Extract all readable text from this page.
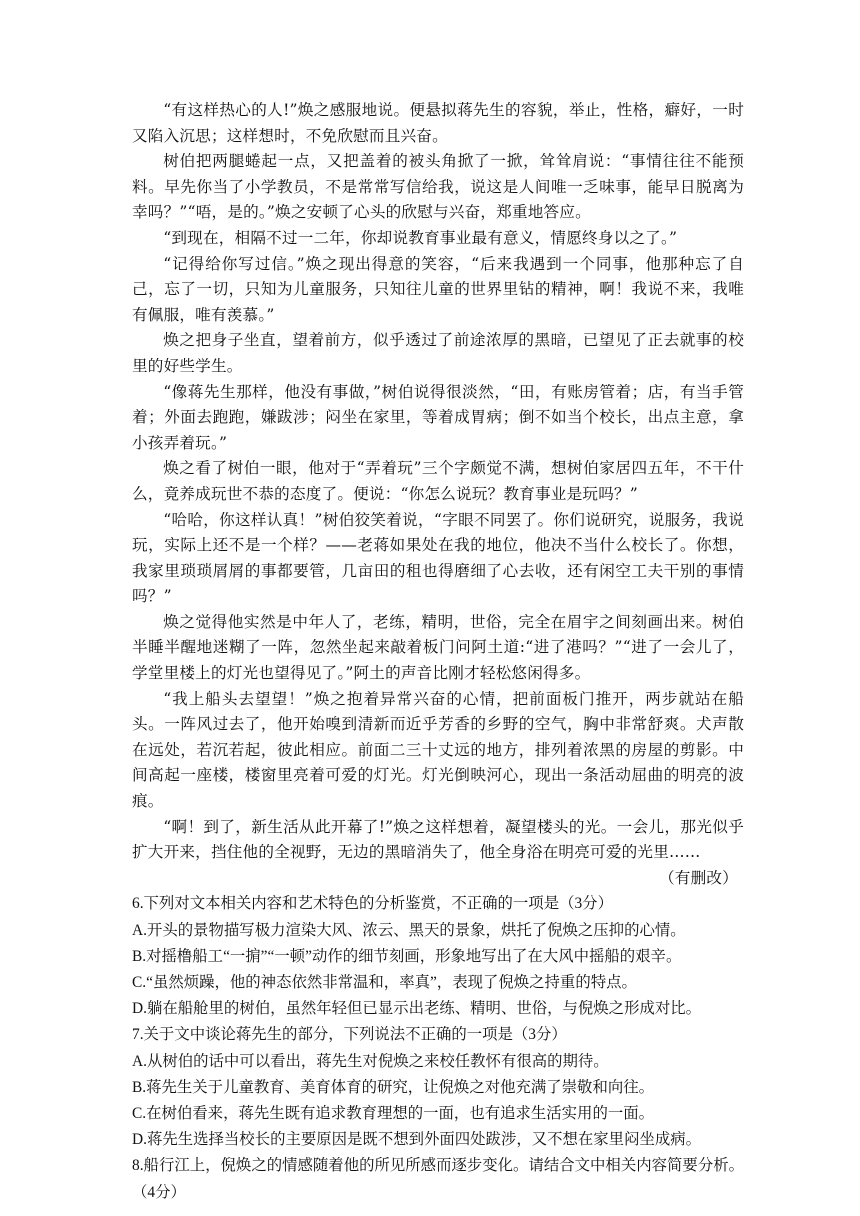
“有这样热心的人!”焕之感服地说。便悬拟蒋先生的容貌，举止，性格，癖好，一时又陷入沉思；这样想时，不免欣慰而且兴奋。

树伯把两腿蜷起一点，又把盖着的被头角掀了一掀，耸耸肩说：“事情往往不能预料。早先你当了小学教员，不是常常写信给我，说这是人间唯一乏味事，能早日脱离为幸吗？”“唔，是的。”焕之安顿了心头的欣慰与兴奋，郑重地答应。

“到现在，相隔不过一二年，你却说教育事业最有意义，情愿终身以之了。”

“记得给你写过信。”焕之现出得意的笑容，“后来我遇到一个同事，他那种忘了自己，忘了一切，只知为儿童服务，只知往儿童的世界里钻的精神，啊！我说不来，我唯有佩服，唯有羡慕。”

焕之把身子坐直，望着前方，似乎透过了前途浓厚的黑暗，已望见了正去就事的校里的好些学生。

“像蒋先生那样，他没有事做，”树伯说得很淡然，“田，有账房管着；店，有当手管着；外面去跑跑，嫌跋涉；闷坐在家里，等着成胃病；倒不如当个校长，出点主意，拿小孩弄着玩。”

焕之看了树伯一眼，他对于“弄着玩”三个字颇觉不满，想树伯家居四五年，不干什么，竟养成玩世不恭的态度了。便说：“你怎么说玩？教育事业是玩吗？”

“哈哈，你这样认真！”树伯狡笑着说，“字眼不同罢了。你们说研究，说服务，我说玩，实际上还不是一个样？——老蒋如果处在我的地位，他决不当什么校长了。你想，我家里琐琐屑屑的事都要管，几亩田的租也得磨细了心去收，还有闲空工夫干别的事情吗？”

焕之觉得他实然是中年人了，老练，精明，世俗，完全在眉宇之间刻画出来。树伯半睡半醒地迷糊了一阵，忽然坐起来敲着板门问阿土道:“进了港吗？”“进了一会儿了，学堂里楼上的灯光也望得见了。”阿土的声音比刚才轻松悠闲得多。

“我上船头去望望！”焕之抱着异常兴奋的心情，把前面板门推开，两步就站在船头。一阵风过去了，他开始嗅到清新而近乎芳香的乡野的空气，胸中非常舒爽。犬声散在远处，若沉若起，彼此相应。前面二三十丈远的地方，排列着浓黑的房屋的剪影。中间高起一座楼，楼窗里亮着可爱的灯光。灯光倒映河心，现出一条活动屈曲的明亮的波痕。

“啊！到了，新生活从此开幕了!”焕之这样想着，凝望楼头的光。一会儿，那光似乎扩大开来，挡住他的全视野，无边的黑暗消失了，他全身浴在明亮可爱的光里……

（有删改）

6.下列对文本相关内容和艺术特色的分析鉴赏，不正确的一项是（3分）

A.开头的景物描写极力渲染大风、浓云、黑天的景象，烘托了倪焕之压抑的心情。

B.对摇橹船工“一掮”“一顿”动作的细节刻画，形象地写出了在大风中摇船的艰辛。

C.“虽然烦躁，他的神态依然非常温和，率真”，表现了倪焕之持重的特点。

D.躺在船舱里的树伯，虽然年轻但已显示出老练、精明、世俗，与倪焕之形成对比。

7.关于文中谈论蒋先生的部分，下列说法不正确的一项是（3分）

A.从树伯的话中可以看出，蒋先生对倪焕之来校任教怀有很高的期待。

B.蒋先生关于儿童教育、美育体育的研究，让倪焕之对他充满了崇敬和向往。

C.在树伯看来，蒋先生既有追求教育理想的一面，也有追求生活实用的一面。

D.蒋先生选择当校长的主要原因是既不想到外面四处跋涉，又不想在家里闷坐成病。

8.船行江上，倪焕之的情感随着他的所见所感而逐步变化。请结合文中相关内容简要分析。（4分）
